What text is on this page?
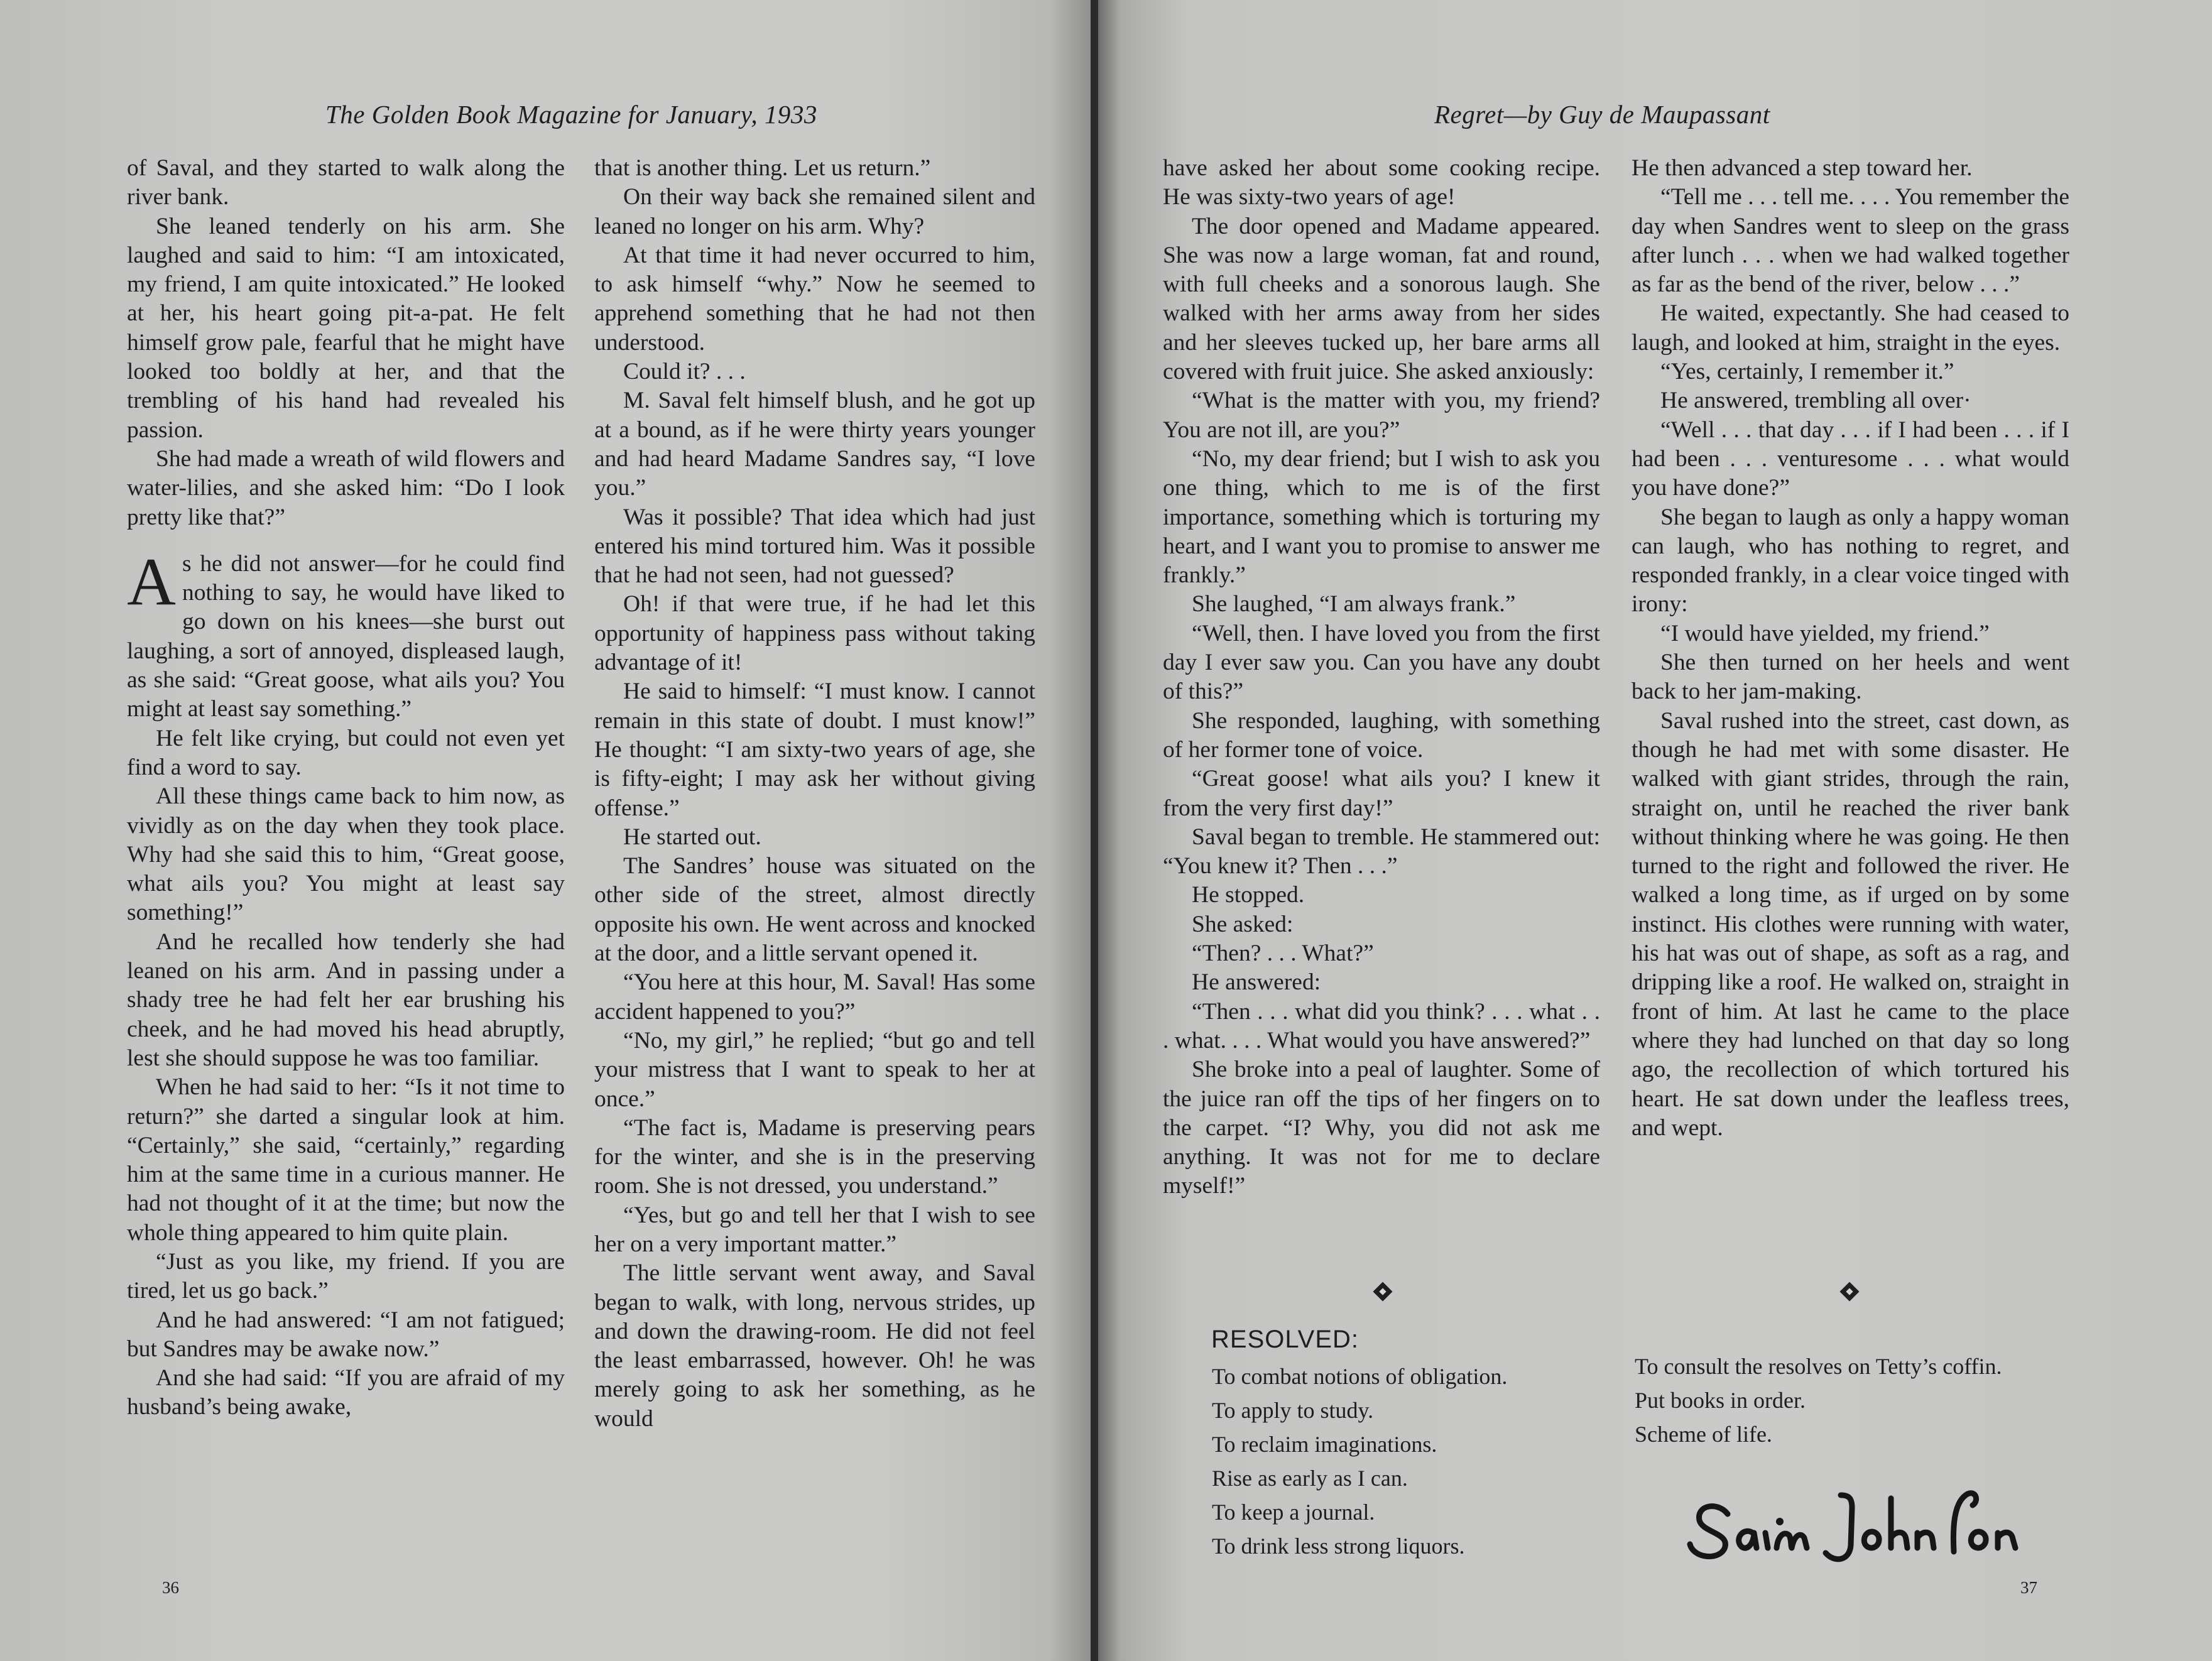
The Golden Book Magazine for January, 1933

of Saval, and they started to walk along the river bank.

She leaned tenderly on his arm. She laughed and said to him: “I am intoxicated, my friend, I am quite intoxicated.” He looked at her, his heart going pit-a-pat. He felt himself grow pale, fearful that he might have looked too boldly at her, and that the trembling of his hand had revealed his passion.

She had made a wreath of wild flowers and water-lilies, and she asked him: “Do I look pretty like that?”

As he did not answer—for he could find nothing to say, he would have liked to go down on his knees—she burst out laughing, a sort of annoyed, displeased laugh, as she said: “Great goose, what ails you? You might at least say something.”

He felt like crying, but could not even yet find a word to say.

All these things came back to him now, as vividly as on the day when they took place. Why had she said this to him, “Great goose, what ails you? You might at least say something!”

And he recalled how tenderly she had leaned on his arm. And in passing under a shady tree he had felt her ear brushing his cheek, and he had moved his head abruptly, lest she should suppose he was too familiar.

When he had said to her: “Is it not time to return?” she darted a singular look at him. “Certainly,” she said, “certainly,” regarding him at the same time in a curious manner. He had not thought of it at the time; but now the whole thing appeared to him quite plain.

“Just as you like, my friend. If you are tired, let us go back.”

And he had answered: “I am not fatigued; but Sandres may be awake now.”

And she had said: “If you are afraid of my husband’s being awake,

that is another thing. Let us return.”

On their way back she remained silent and leaned no longer on his arm. Why?

At that time it had never occurred to him, to ask himself “why.” Now he seemed to apprehend something that he had not then understood.

Could it? . . .

M. Saval felt himself blush, and he got up at a bound, as if he were thirty years younger and had heard Madame Sandres say, “I love you.”

Was it possible? That idea which had just entered his mind tortured him. Was it possible that he had not seen, had not guessed?

Oh! if that were true, if he had let this opportunity of happiness pass without taking advantage of it!

He said to himself: “I must know. I cannot remain in this state of doubt. I must know!” He thought: “I am sixty-two years of age, she is fifty-eight; I may ask her without giving offense.”

He started out.

The Sandres’ house was situated on the other side of the street, almost directly opposite his own. He went across and knocked at the door, and a little servant opened it.

“You here at this hour, M. Saval! Has some accident happened to you?”

“No, my girl,” he replied; “but go and tell your mistress that I want to speak to her at once.”

“The fact is, Madame is preserving pears for the winter, and she is in the preserving room. She is not dressed, you understand.”

“Yes, but go and tell her that I wish to see her on a very important matter.”

The little servant went away, and Saval began to walk, with long, nervous strides, up and down the drawing-room. He did not feel the least embarrassed, however. Oh! he was merely going to ask her something, as he would

36
Regret—by Guy de Maupassant

have asked her about some cooking recipe. He was sixty-two years of age!

The door opened and Madame appeared. She was now a large woman, fat and round, with full cheeks and a sonorous laugh. She walked with her arms away from her sides and her sleeves tucked up, her bare arms all covered with fruit juice. She asked anxiously:

“What is the matter with you, my friend? You are not ill, are you?”

“No, my dear friend; but I wish to ask you one thing, which to me is of the first importance, something which is torturing my heart, and I want you to promise to answer me frankly.”

She laughed, “I am always frank.”

“Well, then. I have loved you from the first day I ever saw you. Can you have any doubt of this?”

She responded, laughing, with something of her former tone of voice.

“Great goose! what ails you? I knew it from the very first day!”

Saval began to tremble. He stammered out: “You knew it? Then . . .”

He stopped.

She asked:

“Then? . . . What?”

He answered:

“Then . . . what did you think? . . . what . . . what. . . . What would you have answered?”

She broke into a peal of laughter. Some of the juice ran off the tips of her fingers on to the carpet. “I? Why, you did not ask me anything. It was not for me to declare myself!”

He then advanced a step toward her.

“Tell me . . . tell me. . . . You remember the day when Sandres went to sleep on the grass after lunch . . . when we had walked together as far as the bend of the river, below . . .”

He waited, expectantly. She had ceased to laugh, and looked at him, straight in the eyes.

“Yes, certainly, I remember it.”

He answered, trembling all over·

“Well . . . that day . . . if I had been . . . if I had been . . . venturesome . . . what would you have done?”

She began to laugh as only a happy woman can laugh, who has nothing to regret, and responded frankly, in a clear voice tinged with irony:

“I would have yielded, my friend.”

She then turned on her heels and went back to her jam-making.

Saval rushed into the street, cast down, as though he had met with some disaster. He walked with giant strides, through the rain, straight on, until he reached the river bank without thinking where he was going. He then turned to the right and followed the river. He walked a long time, as if urged on by some instinct. His clothes were running with water, his hat was out of shape, as soft as a rag, and dripping like a roof. He walked on, straight in front of him. At last he came to the place where they had lunched on that day so long ago, the recollection of which tortured his heart. He sat down under the leafless trees, and wept.

37
RESOLVED:
To combat notions of obligation.
To apply to study.
To reclaim imaginations.
Rise as early as I can.
To keep a journal.
To drink less strong liquors.
To consult the resolves on Tetty’s coffin.
Put books in order.
Scheme of life.
